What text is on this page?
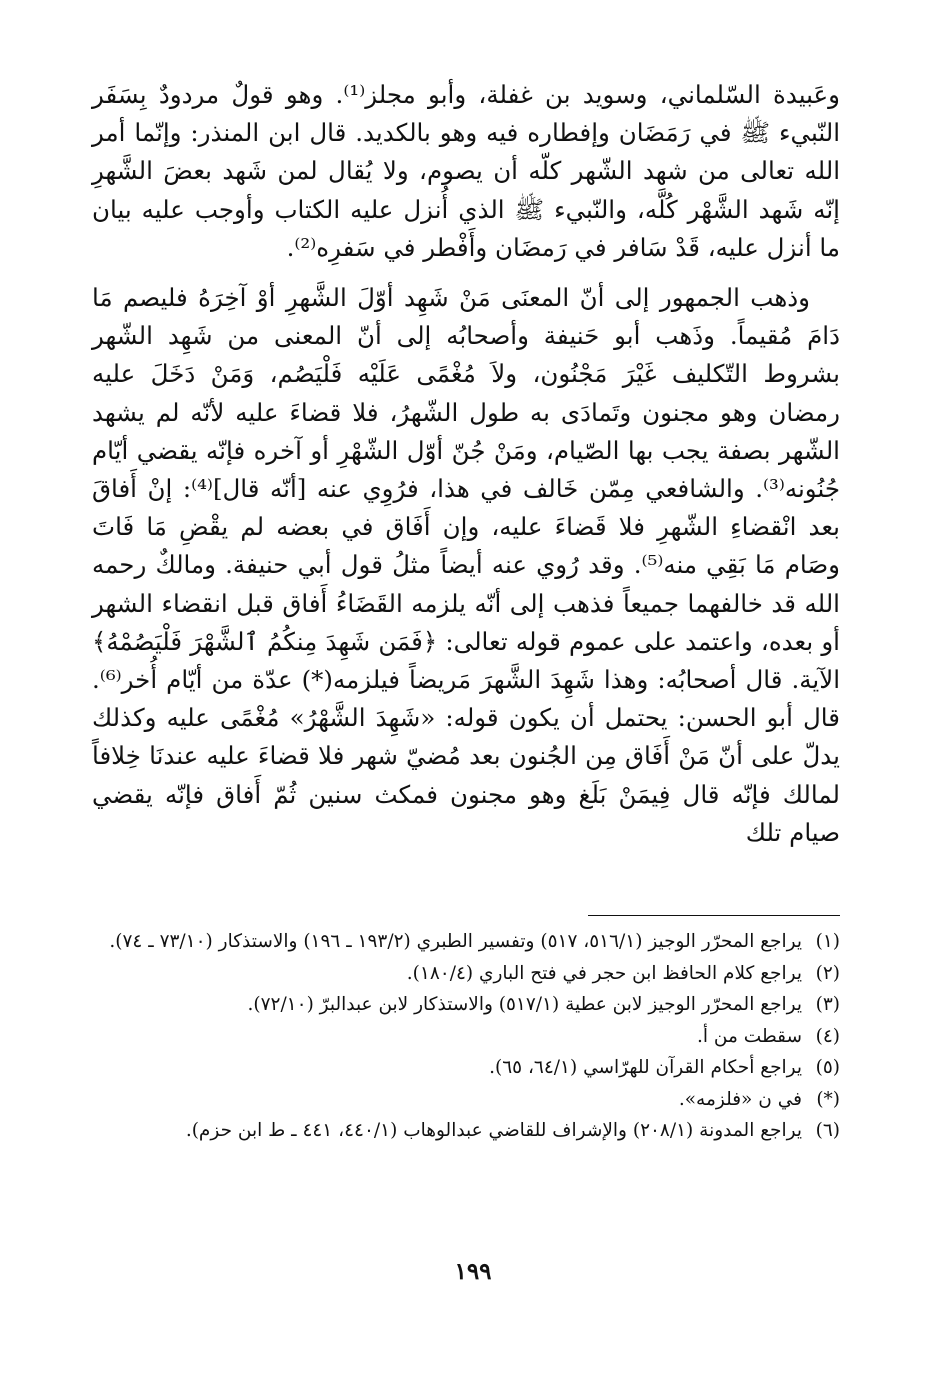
وعَبيدة السّلماني، وسويد بن غفلة، وأبو مجلز⁽¹⁾. وهو قولٌ مردودٌ بِسَفَر النّبيء ﷺ في رَمَضَان وإفطاره فيه وهو بالكديد. قال ابن المنذر: وإنّما أمر الله تعالى من شهد الشّهر كلّه أن يصوم، ولا يُقال لمن شَهد بعضَ الشَّهرِ إنّه شَهد الشَّهْر كُلَّه، والنّبيء ﷺ الذي أُنزل عليه الكتاب وأوجب عليه بيان ما أنزل عليه، قَدْ سَافر في رَمضَان وأَفْطر في سَفرِه⁽²⁾.

وذهب الجمهور إلى أنّ المعنَى مَنْ شَهِد أوّلَ الشَّهرِ أوْ آخِرَهُ فليصم مَا دَامَ مُقيماً. وذَهب أبو حَنيفة وأصحابُه إلى أنّ المعنى من شَهِد الشّهر بشروط التّكليف غَيْرَ مَجْنُون، ولاَ مُغْمًى عَلَيْه فَلْيَصُم، وَمَنْ دَخَلَ عليه رمضان وهو مجنون وتَمادَى به طول الشّهرُ، فلا قضاءَ عليه لأنّه لم يشهد الشّهر بصفة يجب بها الصّيام، ومَنْ جُنّ أوّل الشّهْرِ أو آخره فإنّه يقضي أيّام جُنُونه⁽³⁾. والشافعي مِمّن خَالف في هذا، فرُوِي عنه [أنّه قال]⁽⁴⁾: إنْ أَفاقَ بعد انْقضاءِ الشّهرِ فلا قَضاءَ عليه، وإن أَفَاق في بعضه لم يقْضِ مَا فَاتَ وصَام مَا بَقِي منه⁽⁵⁾. وقد رُوي عنه أيضاً مثلُ قول أبي حنيفة. ومالكٌ رحمه الله قد خالفهما جميعاً فذهب إلى أنّه يلزمه القَضَاءُ أَفاق قبل انقضاء الشهر أو بعده، واعتمد على عموم قوله تعالى: ﴿فَمَن شَهِدَ مِنكُمُ ٱلشَّهْرَ فَلْيَصُمْهُ﴾ الآية. قال أصحابُه: وهذا شَهِدَ الشَّهرَ مَريضاً فيلزمه(*) عدّة من أيّام أُخر⁽⁶⁾. قال أبو الحسن: يحتمل أن يكون قوله: «شَهِدَ الشَّهْرُ» مُغْمًى عليه وكذلك يدلّ على أنّ مَنْ أَفَاق مِن الجُنون بعد مُضيّ شهر فلا قضاءَ عليه عندنَا خِلافاً لمالك فإنّه قال فِيمَنْ بَلَغ وهو مجنون فمكث سنين ثُمّ أَفاق فإنّه يقضي صيام تلك

(١)
يراجع المحرّر الوجيز (٥١٦/١، ٥١٧) وتفسير الطبري (١٩٣/٢ ـ ١٩٦) والاستذكار (٧٣/١٠ ـ ٧٤).
(٢)
يراجع كلام الحافظ ابن حجر في فتح الباري (١٨٠/٤).
(٣)
يراجع المحرّر الوجيز لابن عطية (٥١٧/١) والاستذكار لابن عبدالبرّ (٧٢/١٠).
(٤)
سقطت من أ.
(٥)
يراجع أحكام القرآن للهرّاسي (٦٤/١، ٦٥).
(*)
في ن «فلزمه».
(٦)
يراجع المدونة (٢٠٨/١) والإشراف للقاضي عبدالوهاب (٤٤٠/١، ٤٤١ ـ ط ابن حزم).
١٩٩
